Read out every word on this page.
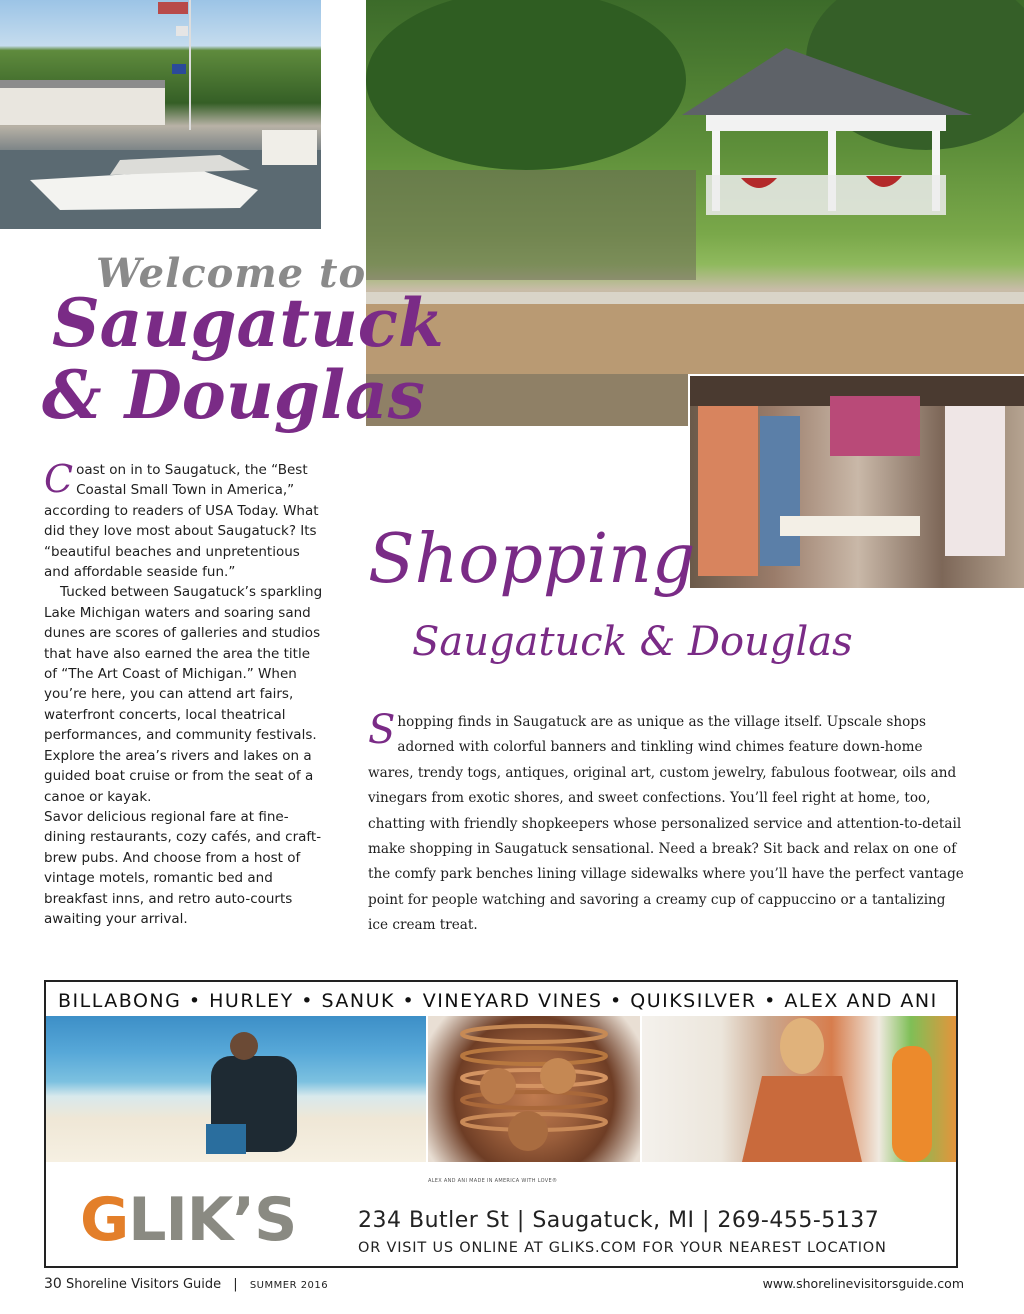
Welcome to
Saugatuck
& Douglas

Coast on in to Saugatuck, the “Best Coastal Small Town in America,” according to readers of USA Today. What did they love most about Saugatuck? Its “beautiful beaches and unpretentious and affordable seaside fun.”

Tucked between Saugatuck’s sparkling Lake Michigan waters and soaring sand dunes are scores of galleries and studios that have also earned the area the title of “The Art Coast of Michigan.” When you’re here, you can attend art fairs, waterfront concerts, local theatrical performances, and community festivals. Explore the area’s rivers and lakes on a guided boat cruise or from the seat of a canoe or kayak.

Savor delicious regional fare at fine-dining restaurants, cozy cafés, and craft-brew pubs. And choose from a host of vintage motels, romantic bed and breakfast inns, and retro auto-courts awaiting your arrival.

Shopping
Saugatuck & Douglas

Shopping finds in Saugatuck are as unique as the village itself. Upscale shops adorned with colorful banners and tinkling wind chimes feature down-home wares, trendy togs, antiques, original art, custom jewelry, fabulous footwear, oils and vinegars from exotic shores, and sweet confections. You’ll feel right at home, too, chatting with friendly shopkeepers whose personalized service and attention-to-detail make shopping in Saugatuck sensational. Need a break? Sit back and relax on one of the comfy park benches lining village sidewalks where you’ll have the perfect vantage point for people watching and savoring a creamy cup of cappuccino or a tantalizing ice cream treat.

BILLABONG • HURLEY • SANUK • VINEYARD VINES • QUIKSILVER • ALEX AND ANI
ALEX AND ANI MADE IN AMERICA WITH LOVE®
GLIK’S	234 Butler St | Saugatuck, MI | 269-455-5137
OR VISIT US ONLINE AT GLIKS.COM FOR YOUR NEAREST LOCATION
30 Shoreline Visitors Guide | SUMMER 2016	www.shorelinevisitorsguide.com
